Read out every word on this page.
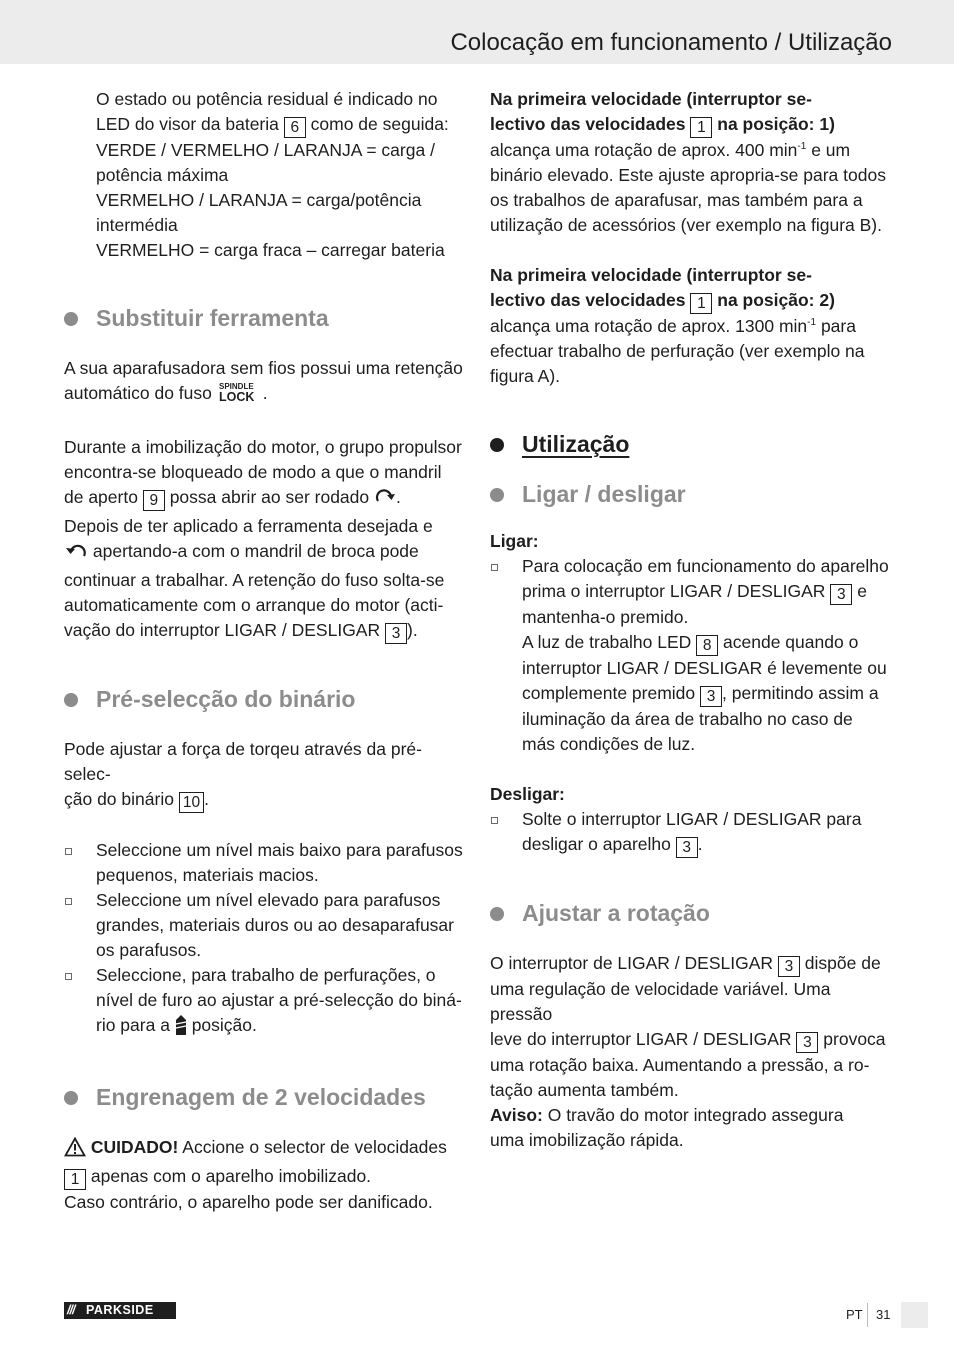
Colocação em funcionamento / Utilização

O estado ou potência residual é indicado no

LED do visor da bateria 6 como de seguida:

VERDE / VERMELHO / LARANJA = carga /

potência máxima

VERMELHO / LARANJA = carga/potência

intermédia

VERMELHO = carga fraca – carregar bateria

Substituir ferramenta

A sua aparafusadora sem fios possui uma retenção

automático do fuso SPINDLE
LOCK .

Durante a imobilização do motor, o grupo propulsor

encontra-se bloqueado de modo a que o mandril

de aperto 9 possa abrir ao ser rodado .

Depois de ter aplicado a ferramenta desejada e

apertando-a com o mandril de broca pode

continuar a trabalhar. A retenção do fuso solta-se

automaticamente com o arranque do motor (acti-

vação do interruptor LIGAR / DESLIGAR 3 ).

Pré-selecção do binário

Pode ajustar a força de torqeu através da pré-selec-

ção do binário 10 .

Seleccione um nível mais baixo para parafusos

pequenos, materiais macios.

Seleccione um nível elevado para parafusos

grandes, materiais duros ou ao desaparafusar

os parafusos.

Seleccione, para trabalho de perfurações, o

nível de furo ao ajustar a pré-selecção do biná-

rio para a posição.

Engrenagem de 2 velocidades

CUIDADO! Accione o selector de velocidades

1 apenas com o aparelho imobilizado.

Caso contrário, o aparelho pode ser danificado.

Na primeira velocidade (interruptor se-

lectivo das velocidades 1 na posição: 1)

alcança uma rotação de aprox. 400 $\min^{-1} e$ um

binário elevado. Este ajuste apropria-se para todos

os trabalhos de aparafusar, mas também para a

utilização de acessórios (ver exemplo na figura B).

Na primeira velocidade (interruptor se-

lectivo das velocidades 1 na posição: 2)

alcança uma rotação de aprox. 1300 $\min^{-1}$ para

efectuar trabalho de perfuração (ver exemplo na

figura A).

Utilização
Ligar / desligar

Ligar:

Para colocação em funcionamento do aparelho

prima o interruptor LIGAR / DESLIGAR 3 e

mantenha-o premido.

A luz de trabalho LED 8 acende quando o

interruptor LIGAR / DESLIGAR é levemente ou

complemente premido 3 , permitindo assim a

iluminação da área de trabalho no caso de

más condições de luz.

Desligar:

Solte o interruptor LIGAR / DESLIGAR para

desligar o aparelho 3 .

Ajustar a rotação

O interruptor de LIGAR / DESLIGAR 3 dispõe de

uma regulação de velocidade variável. Uma pressão

leve do interruptor LIGAR / DESLIGAR 3 provoca

uma rotação baixa. Aumentando a pressão, a ro-

tação aumenta também.

Aviso: O travão do motor integrado assegura

uma imobilização rápida.

/// PARKSIDE	PT 31
